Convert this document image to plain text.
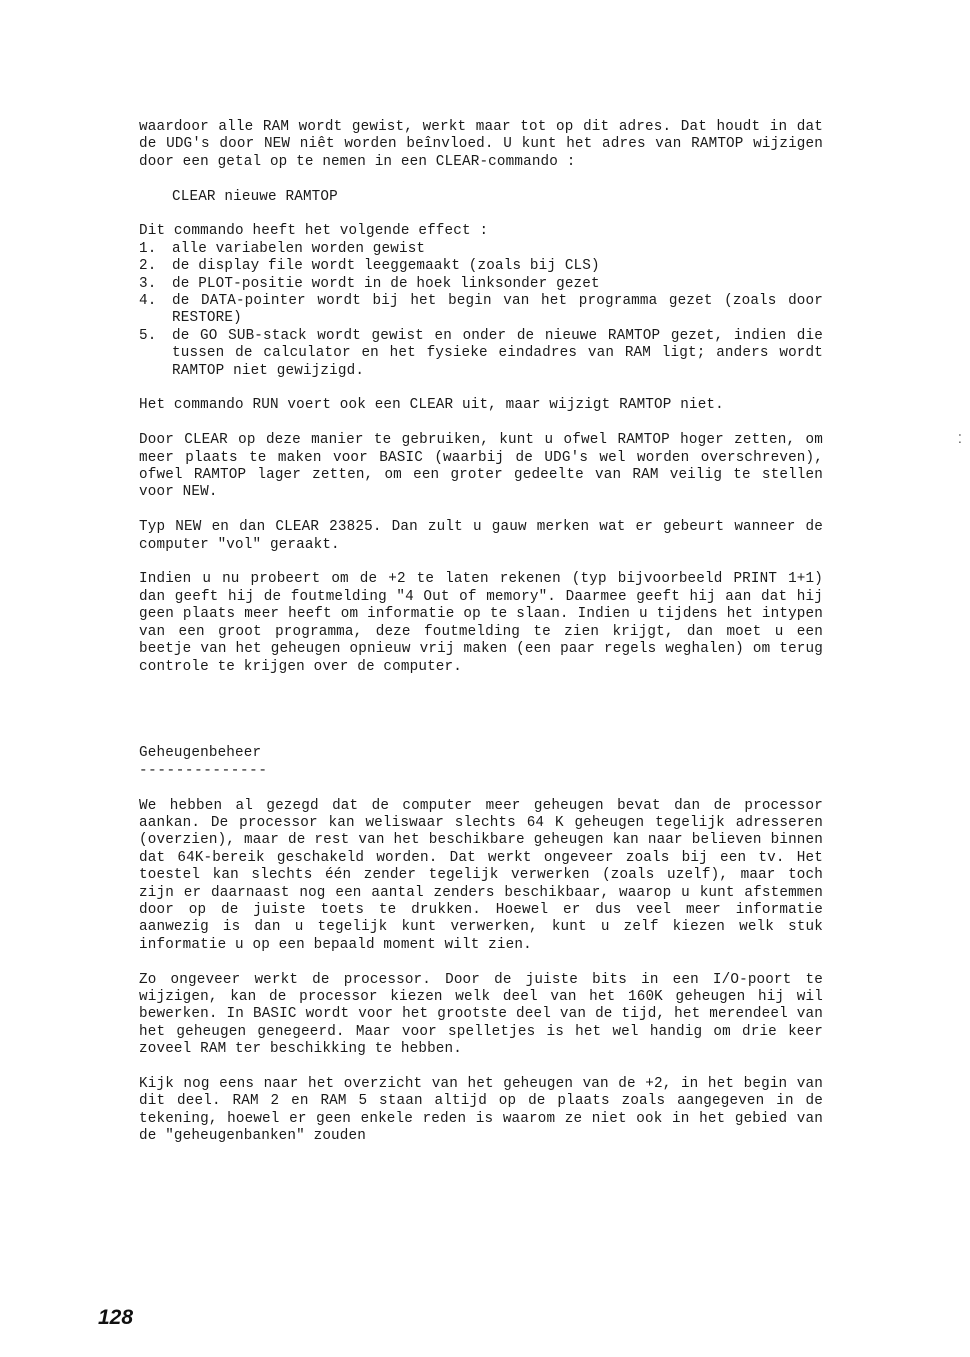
waardoor alle RAM wordt gewist, werkt maar tot op dit adres. Dat houdt in dat de UDG's door NEW niêt worden beînvloed. U kunt het adres van RAMTOP wijzigen door een getal op te nemen in een CLEAR-commando :

CLEAR nieuwe RAMTOP

Dit commando heeft het volgende effect :

1.	alle variabelen worden gewist
2.	de display file wordt leeggemaakt (zoals bij CLS)
3.	de PLOT-positie wordt in de hoek linksonder gezet
4.	de DATA-pointer wordt bij het begin van het programma gezet (zoals door RESTORE)
5.	de GO SUB-stack wordt gewist en onder de nieuwe RAMTOP gezet, indien die tussen de calculator en het fysieke eindadres van RAM ligt; anders wordt RAMTOP niet gewijzigd.

Het commando RUN voert ook een CLEAR uit, maar wijzigt RAMTOP niet.

Door CLEAR op deze manier te gebruiken, kunt u ofwel RAMTOP hoger zetten, om meer plaats te maken voor BASIC (waarbij de UDG's wel worden overschreven), ofwel RAMTOP lager zetten, om een groter gedeelte van RAM veilig te stellen voor NEW.

Typ NEW en dan CLEAR 23825. Dan zult u gauw merken wat er gebeurt wanneer de computer "vol" geraakt.

Indien u nu probeert om de +2 te laten rekenen (typ bijvoorbeeld PRINT 1+1) dan geeft hij de foutmelding "4 Out of memory". Daarmee geeft hij aan dat hij geen plaats meer heeft om informatie op te slaan. Indien u tijdens het intypen van een groot programma, deze foutmelding te zien krijgt, dan moet u een beetje van het geheugen opnieuw vrij maken (een paar regels weghalen) om terug controle te krijgen over de computer.

Geheugenbeheer

--------------

We hebben al gezegd dat de computer meer geheugen bevat dan de processor aankan. De processor kan weliswaar slechts 64 K geheugen tegelijk adresseren (overzien), maar de rest van het beschikbare geheugen kan naar believen binnen dat 64K-bereik geschakeld worden. Dat werkt ongeveer zoals bij een tv. Het toestel kan slechts één zender tegelijk verwerken (zoals uzelf), maar toch zijn er daarnaast nog een aantal zenders beschikbaar, waarop u kunt afstemmen door op de juiste toets te drukken. Hoewel er dus veel meer informatie aanwezig is dan u tegelijk kunt verwerken, kunt u zelf kiezen welk stuk informatie u op een bepaald moment wilt zien.

Zo ongeveer werkt de processor. Door de juiste bits in een I/O-poort te wijzigen, kan de processor kiezen welk deel van het 160K geheugen hij wil bewerken. In BASIC wordt voor het grootste deel van de tijd, het merendeel van het geheugen genegeerd. Maar voor spelletjes is het wel handig om drie keer zoveel RAM ter beschikking te hebben.

Kijk nog eens naar het overzicht van het geheugen van de +2, in het begin van dit deel. RAM 2 en RAM 5 staan altijd op de plaats zoals aangegeven in de tekening, hoewel er geen enkele reden is waarom ze niet ook in het gebied van de "geheugenbanken" zouden

⁚
128
